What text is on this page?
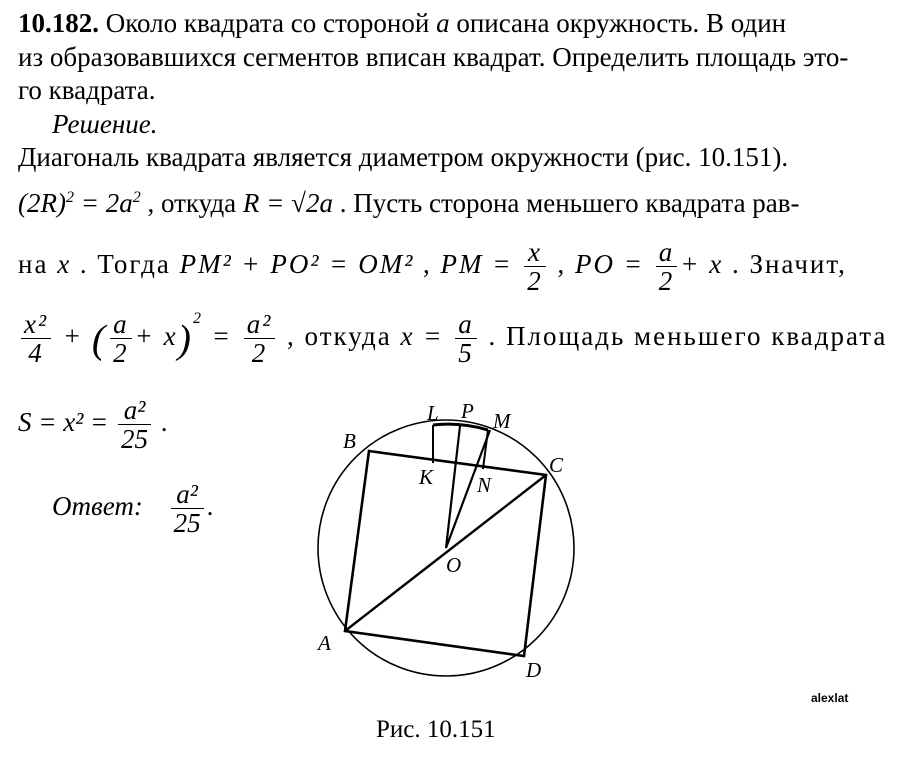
10.182. Около квадрата со стороной a описана окружность. В один
из образовавшихся сегментов вписан квадрат. Определить площадь это-
го квадрата.
Решение.
Диагональ квадрата является диаметром окружности (рис. 10.151).
$(2R)^2 = 2a^2$ , откуда R = √2a . Пусть сторона меньшего квадрата рав-
на x . Тогда PM² + PO² = OM² , PM = $\frac{x}{2}$ , PO = $\frac{a}{2} + x$ . Значит,
$\frac{\text{x²}}{4}$ + ( $\frac{a}{2} + x)^2 = \frac{\text{a²}}{2}$ , откуда $x = \frac{a}{5}$ . Площадь меньшего квадрата
$S = x^2 = \frac{\text{a²}}{25}$ .
Ответ: $\frac{\text{a²}}{25}$ .
L P M
B
C
K N
O
A
D
alexlat
Рис. 10.151
